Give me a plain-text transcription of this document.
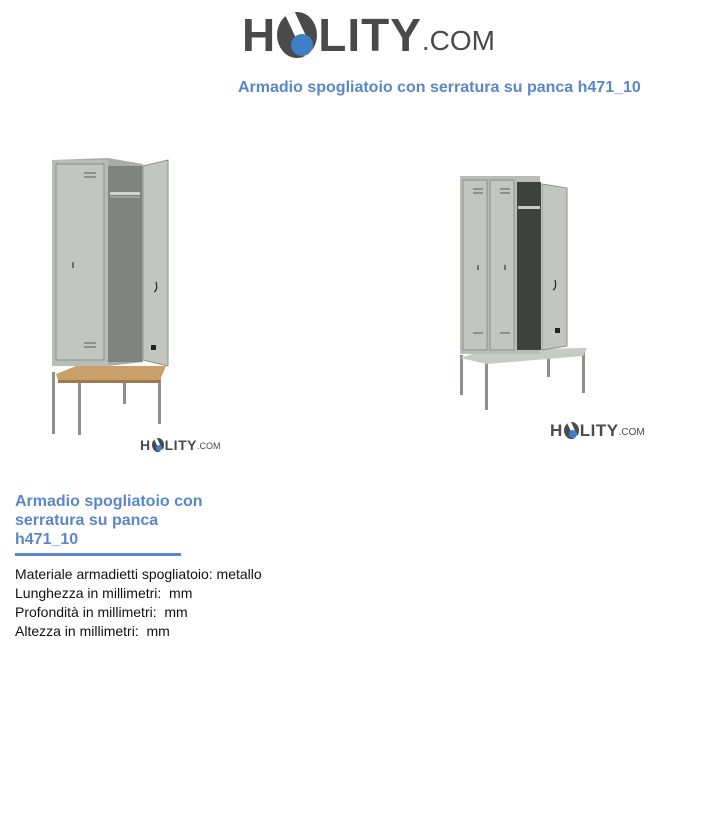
H LITY .COM
Armadio spogliatoio con serratura su panca h471_10
H LITY .COM
H LITY .COM
Armadio spogliatoio con serratura su panca h471_10
Materiale armadietti spogliatoio: metallo
Lunghezza in millimetri:  mm
Profondità in millimetri:  mm
Altezza in millimetri:  mm
